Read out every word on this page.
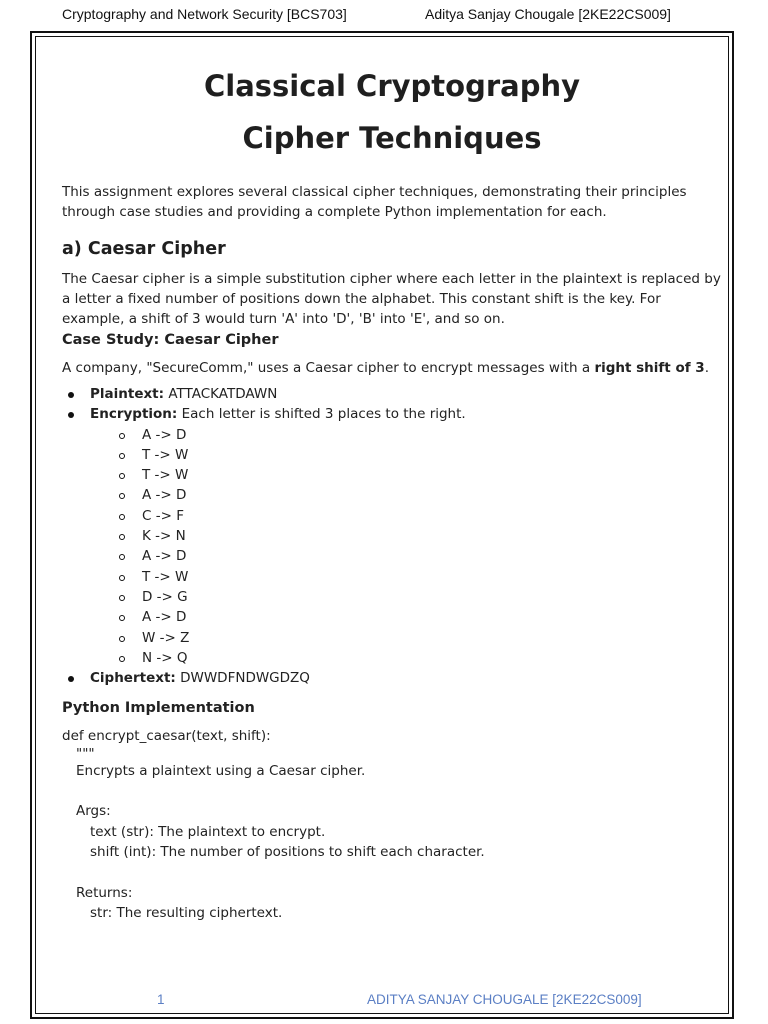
Cryptography and Network Security [BCS703]	Aditya Sanjay Chougale [2KE22CS009]
Classical Cryptography
Cipher Techniques

This assignment explores several classical cipher techniques, demonstrating their principles through case studies and providing a complete Python implementation for each.

a) Caesar Cipher

The Caesar cipher is a simple substitution cipher where each letter in the plaintext is replaced by a letter a fixed number of positions down the alphabet. This constant shift is the key. For example, a shift of 3 would turn 'A' into 'D', 'B' into 'E', and so on.

Case Study: Caesar Cipher

A company, "SecureComm," uses a Caesar cipher to encrypt messages with a right shift of 3.

Plaintext: ATTACKATDAWN
Encryption: Each letter is shifted 3 places to the right.
A -> D
T -> W
T -> W
A -> D
C -> F
K -> N
A -> D
T -> W
D -> G
A -> D
W -> Z
N -> Q
Ciphertext: DWWDFNDWGDZQ
Python Implementation
def encrypt_caesar(text, shift):
"""
Encrypts a plaintext using a Caesar cipher.

Args:
text (str): The plaintext to encrypt.
shift (int): The number of positions to shift each character.

Returns:
str: The resulting ciphertext.
1	ADITYA SANJAY CHOUGALE [2KE22CS009]
